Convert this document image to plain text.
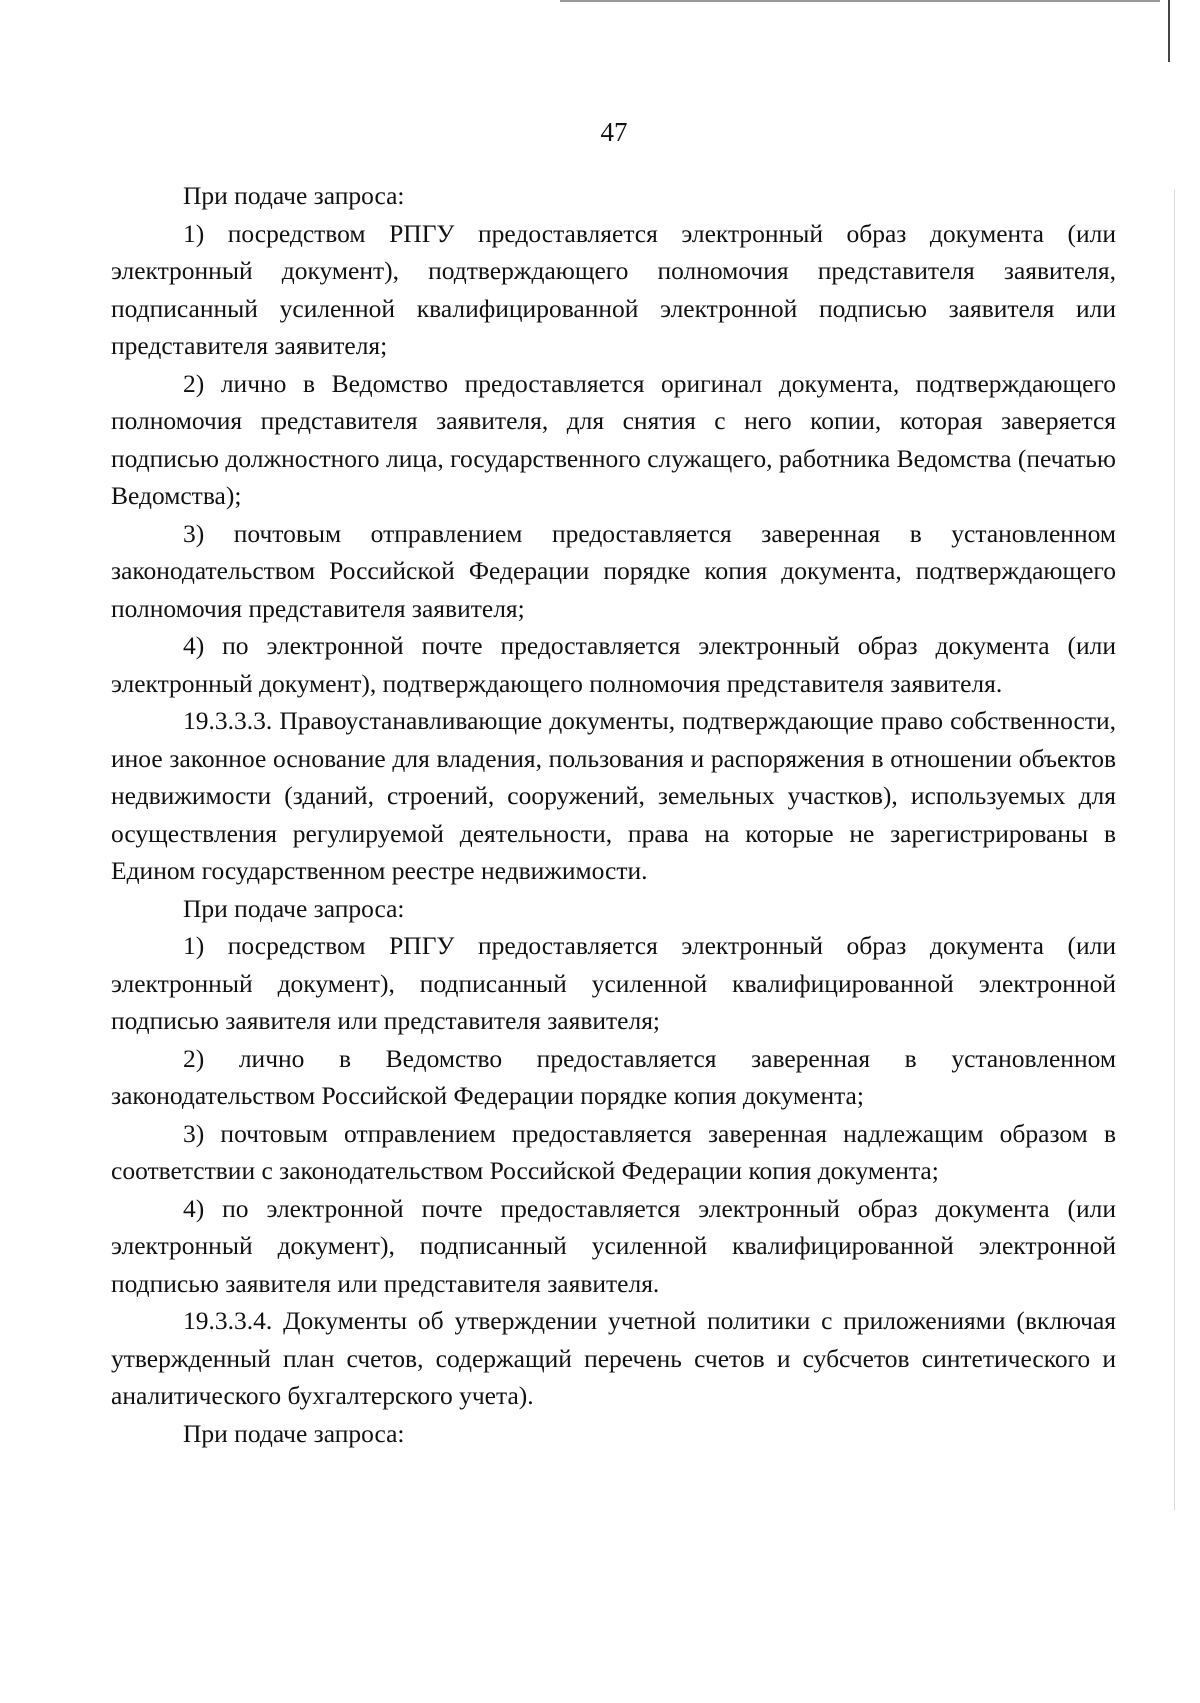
47

При подаче запроса:

1) посредством РПГУ предоставляется электронный образ документа (или электронный документ), подтверждающего полномочия представителя заявителя, подписанный усиленной квалифицированной электронной подписью заявителя или представителя заявителя;

2) лично в Ведомство предоставляется оригинал документа, подтверждающего полномочия представителя заявителя, для снятия с него копии, которая заверяется подписью должностного лица, государственного служащего, работника Ведомства (печатью Ведомства);

3) почтовым отправлением предоставляется заверенная в установленном законодательством Российской Федерации порядке копия документа, подтверждающего полномочия представителя заявителя;

4) по электронной почте предоставляется электронный образ документа (или электронный документ), подтверждающего полномочия представителя заявителя.

19.3.3.3. Правоустанавливающие документы, подтверждающие право собственности, иное законное основание для владения, пользования и распоряжения в отношении объектов недвижимости (зданий, строений, сооружений, земельных участков), используемых для осуществления регулируемой деятельности, права на которые не зарегистрированы в Едином государственном реестре недвижимости.

При подаче запроса:

1) посредством РПГУ предоставляется электронный образ документа (или электронный документ), подписанный усиленной квалифицированной электронной подписью заявителя или представителя заявителя;

2) лично в Ведомство предоставляется заверенная в установленном законодательством Российской Федерации порядке копия документа;

3) почтовым отправлением предоставляется заверенная надлежащим образом в соответствии с законодательством Российской Федерации копия документа;

4) по электронной почте предоставляется электронный образ документа (или электронный документ), подписанный усиленной квалифицированной электронной подписью заявителя или представителя заявителя.

19.3.3.4. Документы об утверждении учетной политики с приложениями (включая утвержденный план счетов, содержащий перечень счетов и субсчетов синтетического и аналитического бухгалтерского учета).

При подаче запроса:
